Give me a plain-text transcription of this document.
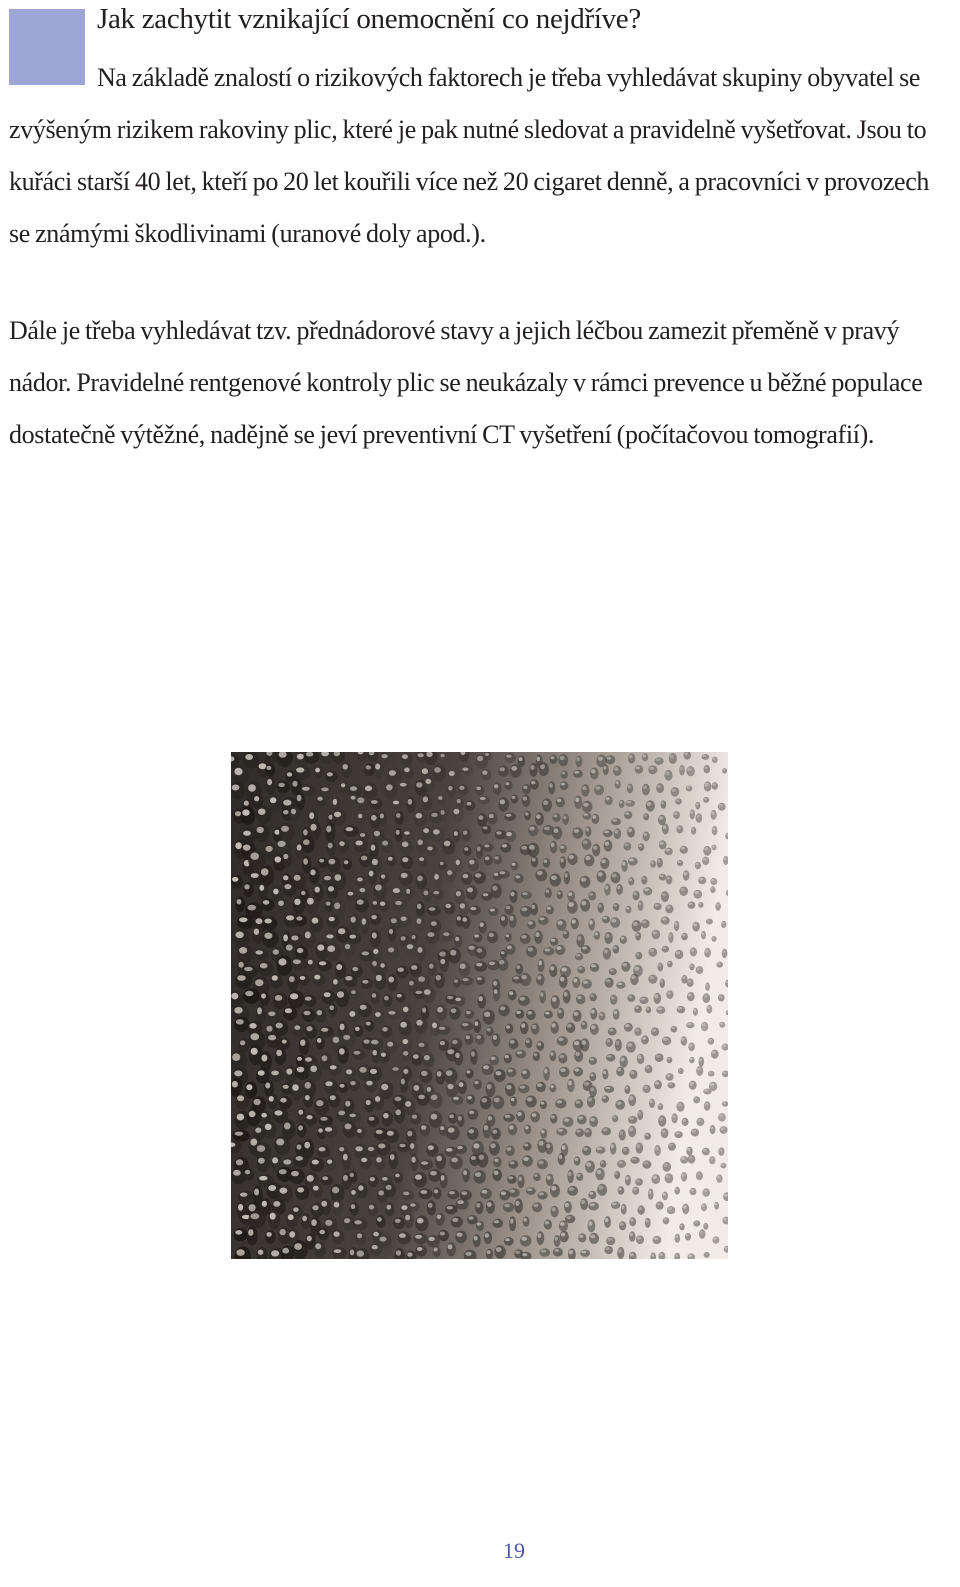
Jak zachytit vznikající onemocnění co nejdříve?

Na základě znalostí o rizikových faktorech je třeba vyhledávat skupiny obyvatel se zvýšeným rizikem rakoviny plic, které je pak nutné sledovat a pravidelně vyšetřovat. Jsou to kuřáci starší 40 let, kteří po 20 let kouřili více než 20 cigaret denně, a pracovníci v provozech se známými škodlivinami (uranové doly apod.).

Dále je třeba vyhledávat tzv. přednádorové stavy a jejich léčbou zamezit přeměně v pravý nádor. Pravidelné rentgenové kontroly plic se neukázaly v rámci prevence u běžné populace dostatečně výtěžné, nadějně se jeví preventivní CT vyšetření (počítačovou tomografií).

19
